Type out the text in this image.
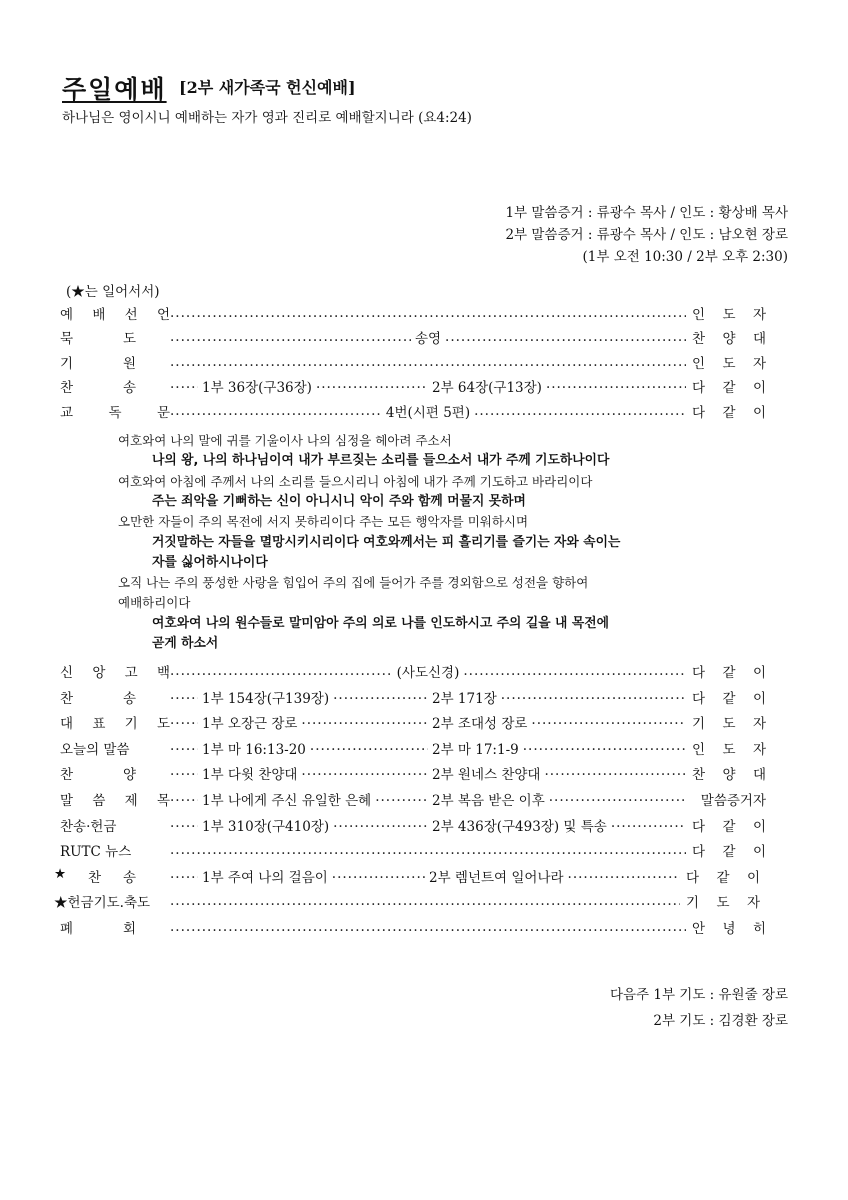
주일예배 [2부 새가족국 헌신예배]
하나님은 영이시니 예배하는 자가 영과 진리로 예배할지니라 (요4:24)
1부 말씀증거 : 류광수 목사 / 인도 : 황상배 목사
2부 말씀증거 : 류광수 목사 / 인도 : 남오현 장로
(1부 오전 10:30 / 2부 오후 2:30)
(★는 일어서서)
예 배 선 언 .....	인 도 자
묵	도 .....	송영 .....	찬 양 대
기	원 .....	인 도 자
찬	송 .....	1부 36장(구36장) .....	2부 64장(구13장) .....	다 같 이
교	독	문 .....	4번(시편 5편) .....	다 같 이
여호와여 나의 말에 귀를 기울이사 나의 심정을 헤아려 주소서
나의 왕, 나의 하나님이여 내가 부르짖는 소리를 들으소서 내가 주께 기도하나이다
여호와여 아침에 주께서 나의 소리를 들으시리니 아침에 내가 주께 기도하고 바라리이다
주는 죄악을 기뻐하는 신이 아니시니 악이 주와 함께 머물지 못하며
오만한 자들이 주의 목전에 서지 못하리이다 주는 모든 행악자를 미워하시며
거짓말하는 자들을 멸망시키시리이다 여호와께서는 피 흘리기를 즐기는 자와 속이는
자를 싫어하시나이다
오직 나는 주의 풍성한 사랑을 힘입어 주의 집에 들어가 주를 경외함으로 성전을 향하여
예배하리이다
여호와여 나의 원수들로 말미암아 주의 의로 나를 인도하시고 주의 길을 내 목전에
곧게 하소서
신 앙 고 백 .....	(사도신경) .....	다 같 이
찬	송 .....	1부 154장(구139장) .....	2부 171장 .....	다 같 이
대 표 기 도 ..... 1부 오장근 장로 .....	2부 조대성 장로 .....	기 도 자
오늘의 말씀 .....	1부 마 16:13-20 .....	2부 마 17:1-9 .....	인 도 자
찬	양 .....	1부 다윗 찬양대 .....	2부 원네스 찬양대 .....	찬 양 대
말 씀 제 목 ..... 1부 나에게 주신 유일한 은혜 .....	2부 복음 받은 이후 .....	말씀증거자
찬송·헌금 .....	1부 310장(구410장) .....	2부 436장(구493장) 및 특송 .....	다 같 이
RUTC 뉴스 .....	다 같 이
★ 찬 송 .....	1부 주여 나의 걸음이 .....	2부 렘넌트여 일어나라 .....	다 같 이
★헌금기도.축도 .....	기 도 자
폐	회 .....	안 녕 히
다음주 1부 기도 : 유원줄 장로
2부 기도 : 김경환 장로
